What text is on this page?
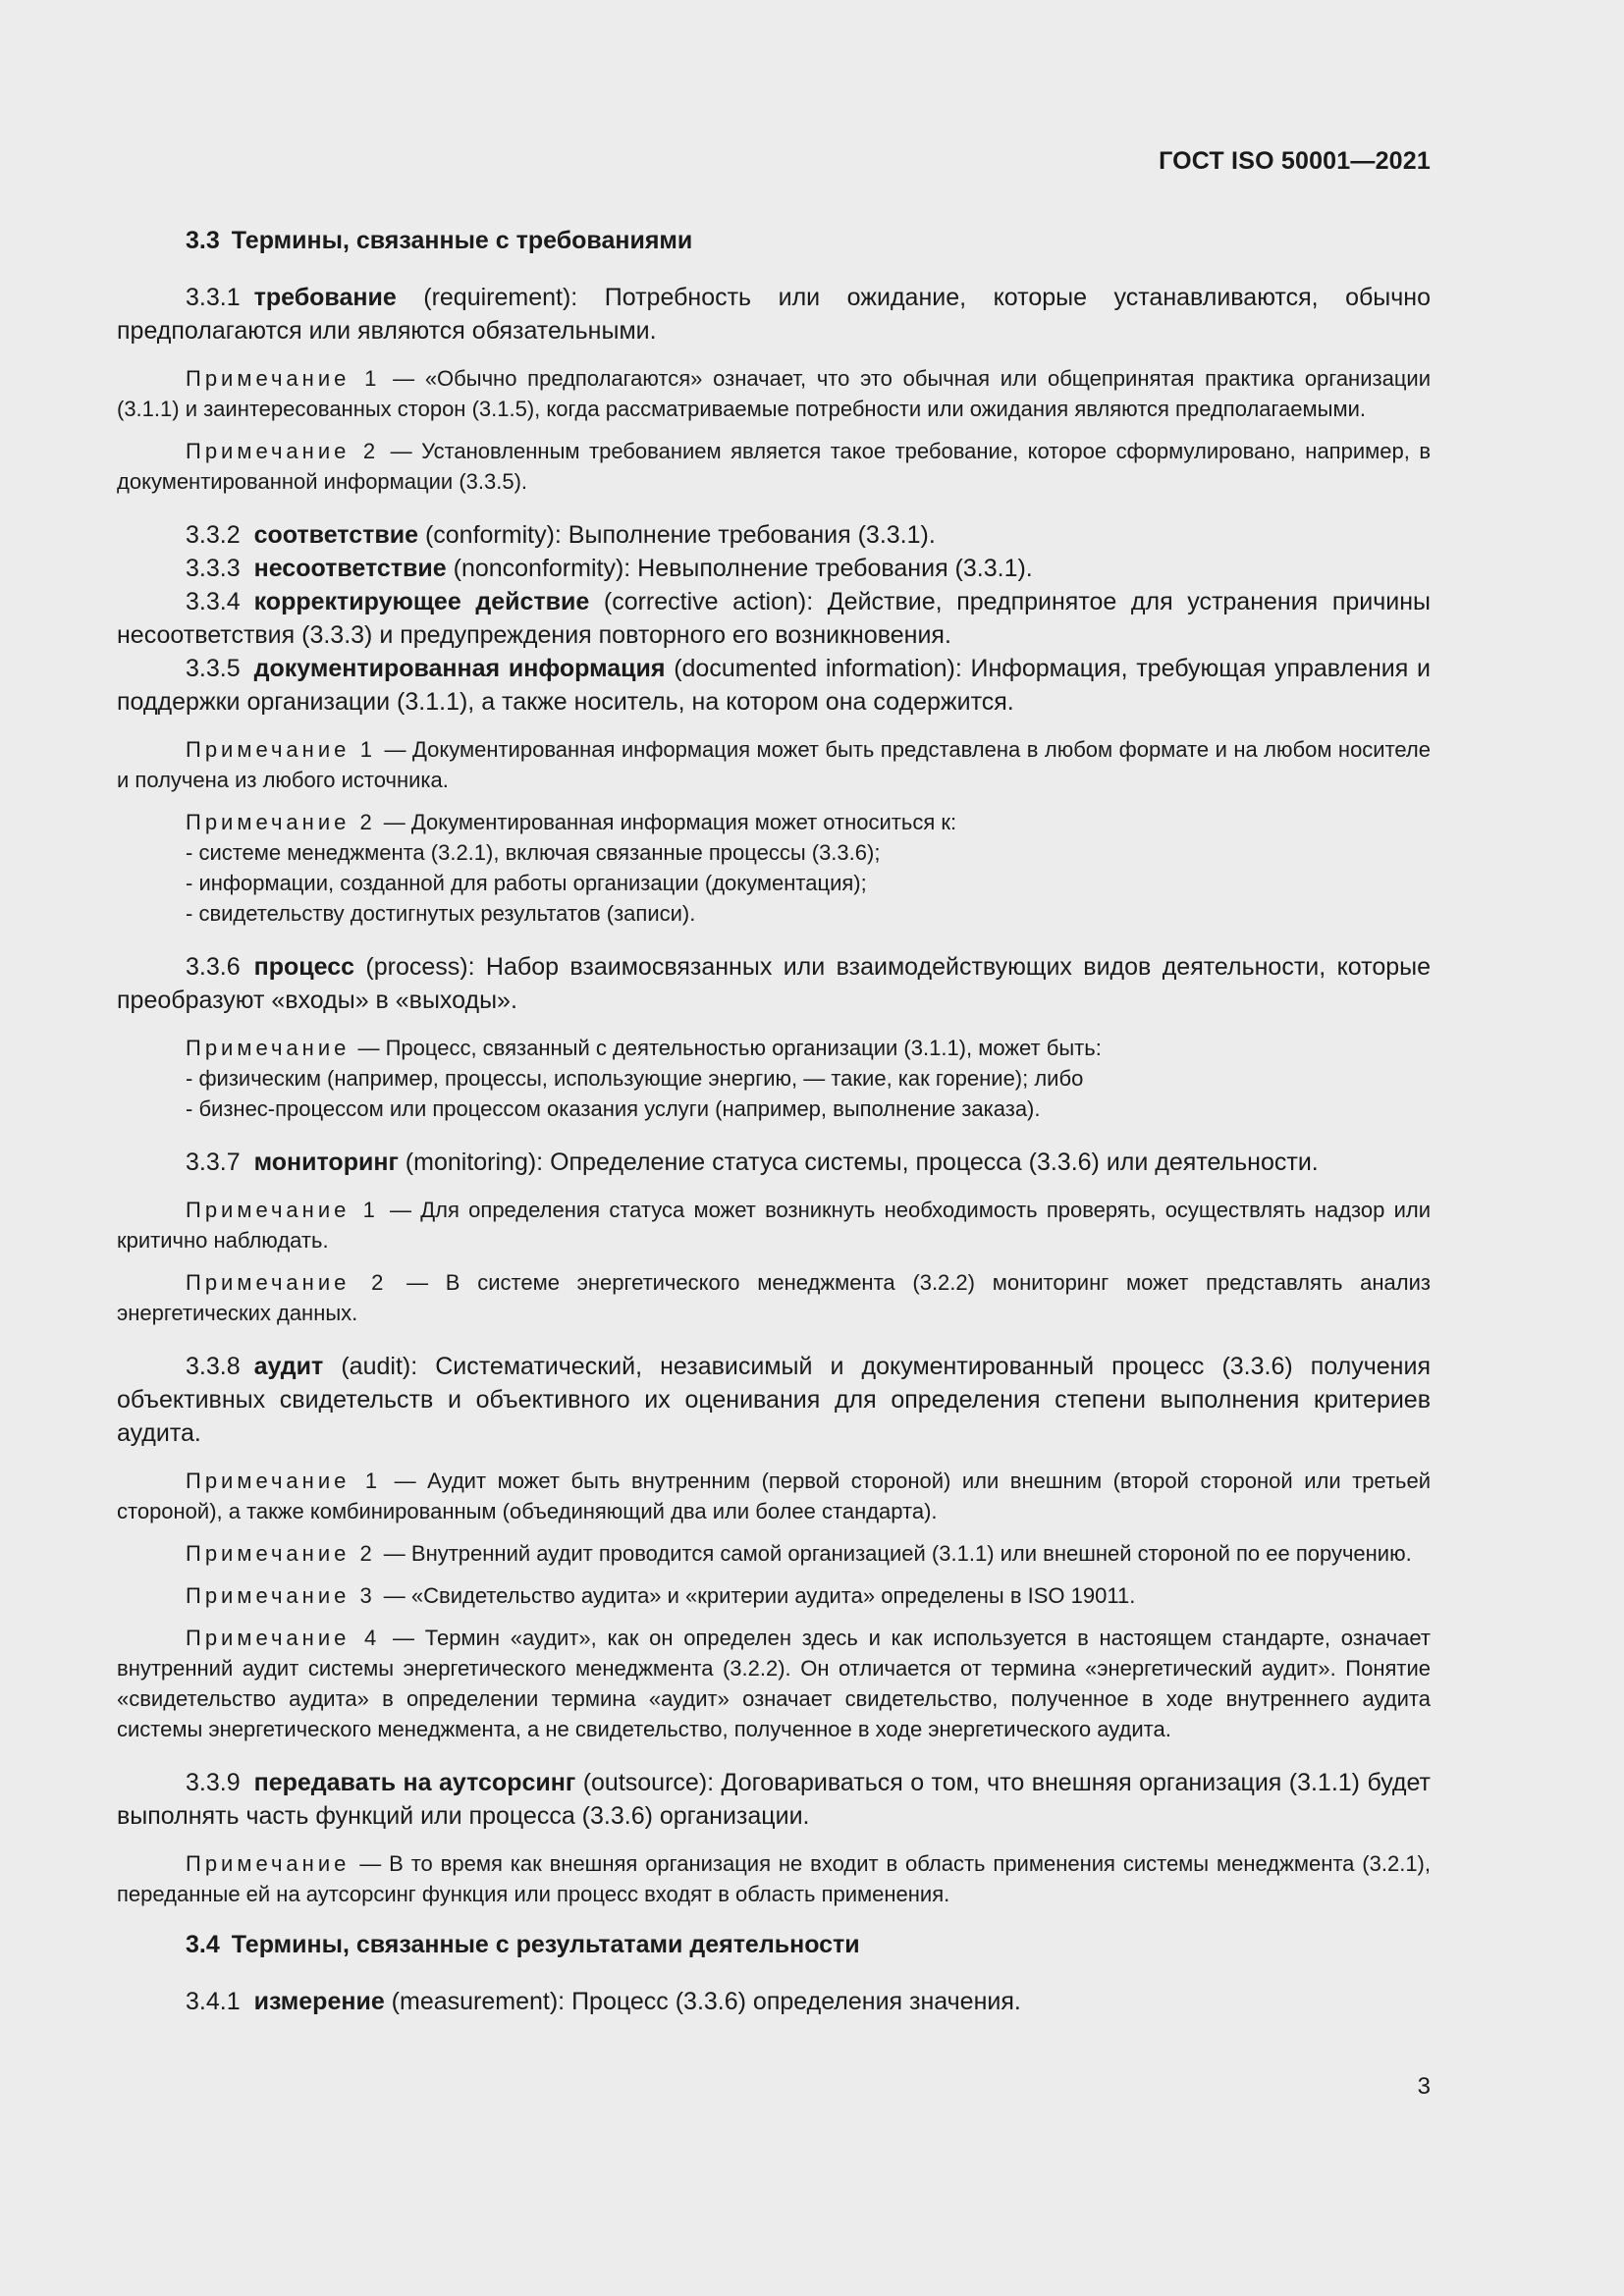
ГОСТ ISO 50001—2021
3.3 Термины, связанные с требованиями

3.3.1 требование (requirement): Потребность или ожидание, которые устанавливаются, обычно предполагаются или являются обязательными.

Примечание 1 — «Обычно предполагаются» означает, что это обычная или общепринятая практика организации (3.1.1) и заинтересованных сторон (3.1.5), когда рассматриваемые потребности или ожидания являются предполагаемыми.

Примечание 2 — Установленным требованием является такое требование, которое сформулировано, например, в документированной информации (3.3.5).

3.3.2 соответствие (conformity): Выполнение требования (3.3.1).

3.3.3 несоответствие (nonconformity): Невыполнение требования (3.3.1).

3.3.4 корректирующее действие (corrective action): Действие, предпринятое для устранения причины несоответствия (3.3.3) и предупреждения повторного его возникновения.

3.3.5 документированная информация (documented information): Информация, требующая управления и поддержки организации (3.1.1), а также носитель, на котором она содержится.

Примечание 1 — Документированная информация может быть представлена в любом формате и на любом носителе и получена из любого источника.

Примечание 2 — Документированная информация может относиться к:
- системе менеджмента (3.2.1), включая связанные процессы (3.3.6);
- информации, созданной для работы организации (документация);
- свидетельству достигнутых результатов (записи).

3.3.6 процесс (process): Набор взаимосвязанных или взаимодействующих видов деятельности, которые преобразуют «входы» в «выходы».

Примечание — Процесс, связанный с деятельностью организации (3.1.1), может быть:
- физическим (например, процессы, использующие энергию, — такие, как горение); либо
- бизнес-процессом или процессом оказания услуги (например, выполнение заказа).

3.3.7 мониторинг (monitoring): Определение статуса системы, процесса (3.3.6) или деятельности.

Примечание 1 — Для определения статуса может возникнуть необходимость проверять, осуществлять надзор или критично наблюдать.

Примечание 2 — В системе энергетического менеджмента (3.2.2) мониторинг может представлять анализ энергетических данных.

3.3.8 аудит (audit): Систематический, независимый и документированный процесс (3.3.6) получения объективных свидетельств и объективного их оценивания для определения степени выполнения критериев аудита.

Примечание 1 — Аудит может быть внутренним (первой стороной) или внешним (второй стороной или третьей стороной), а также комбинированным (объединяющий два или более стандарта).

Примечание 2 — Внутренний аудит проводится самой организацией (3.1.1) или внешней стороной по ее поручению.

Примечание 3 — «Свидетельство аудита» и «критерии аудита» определены в ISO 19011.

Примечание 4 — Термин «аудит», как он определен здесь и как используется в настоящем стандарте, означает внутренний аудит системы энергетического менеджмента (3.2.2). Он отличается от термина «энергетический аудит». Понятие «свидетельство аудита» в определении термина «аудит» означает свидетельство, полученное в ходе внутреннего аудита системы энергетического менеджмента, а не свидетельство, полученное в ходе энергетического аудита.

3.3.9 передавать на аутсорсинг (outsource): Договариваться о том, что внешняя организация (3.1.1) будет выполнять часть функций или процесса (3.3.6) организации.

Примечание — В то время как внешняя организация не входит в область применения системы менеджмента (3.2.1), переданные ей на аутсорсинг функция или процесс входят в область применения.

3.4 Термины, связанные с результатами деятельности

3.4.1 измерение (measurement): Процесс (3.3.6) определения значения.

3
